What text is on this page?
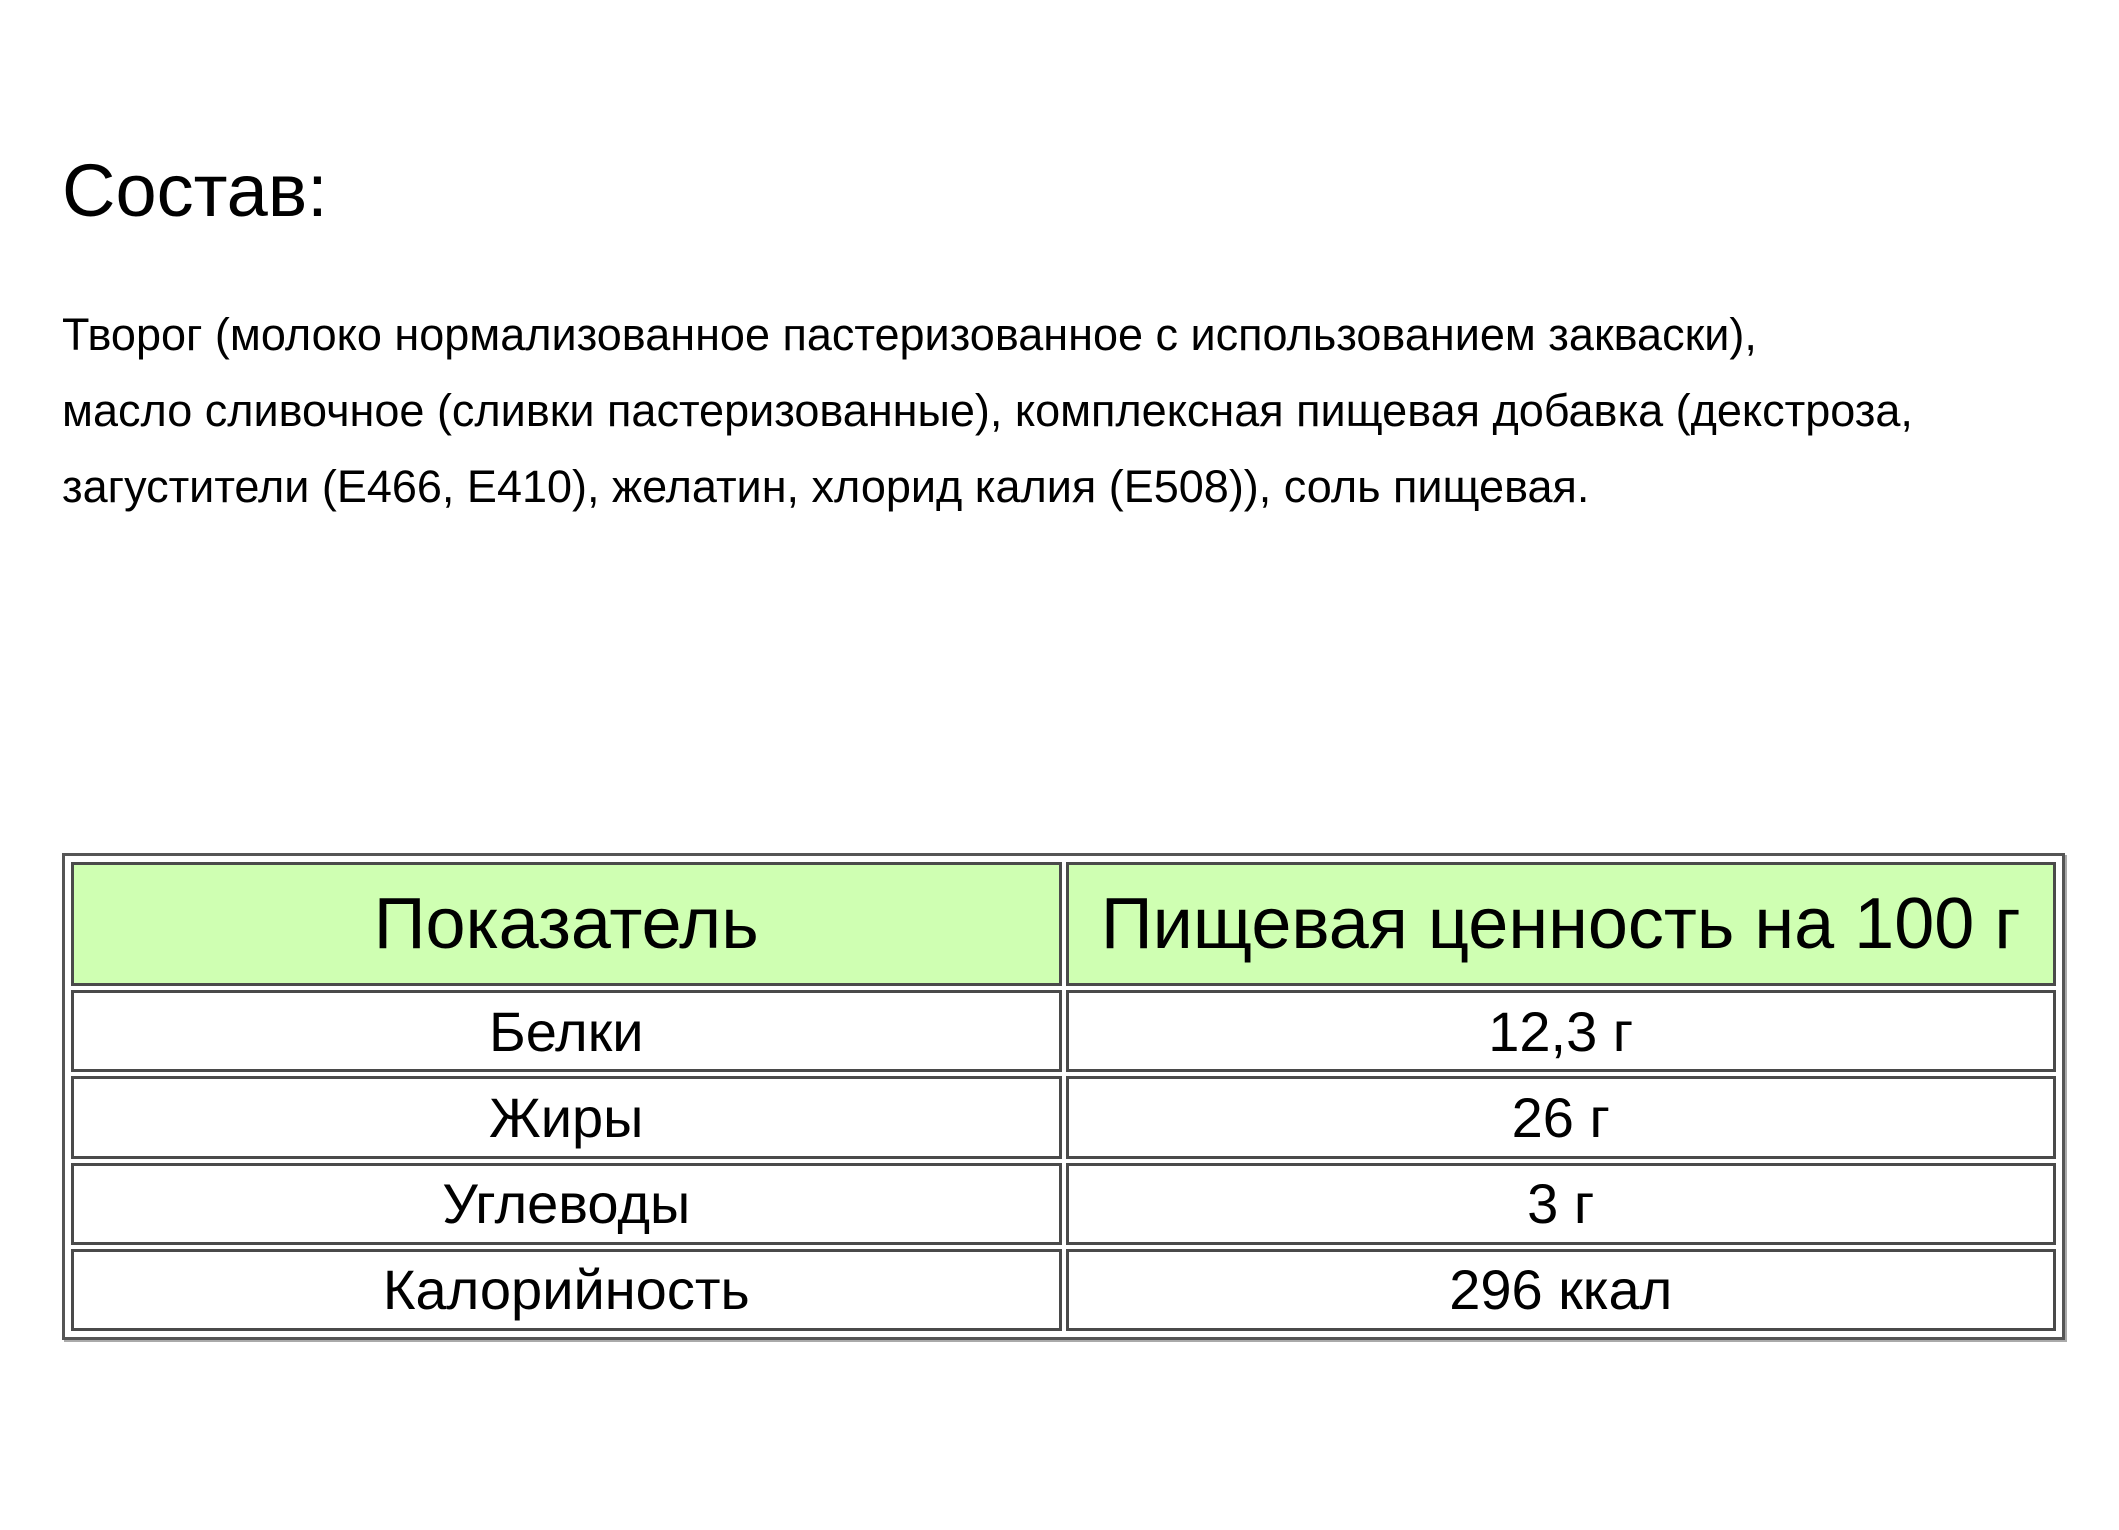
Состав:

Творог (молоко нормализованное пастеризованное с использованием закваски),
масло сливочное (сливки пастеризованные), комплексная пищевая добавка (декстроза,
загустители (Е466, Е410), желатин, хлорид калия (Е508)), соль пищевая.

Показатель	Пищевая ценность на 100 г
Белки	12,3 г
Жиры	26 г
Углеводы	3 г
Калорийность	296 ккал
